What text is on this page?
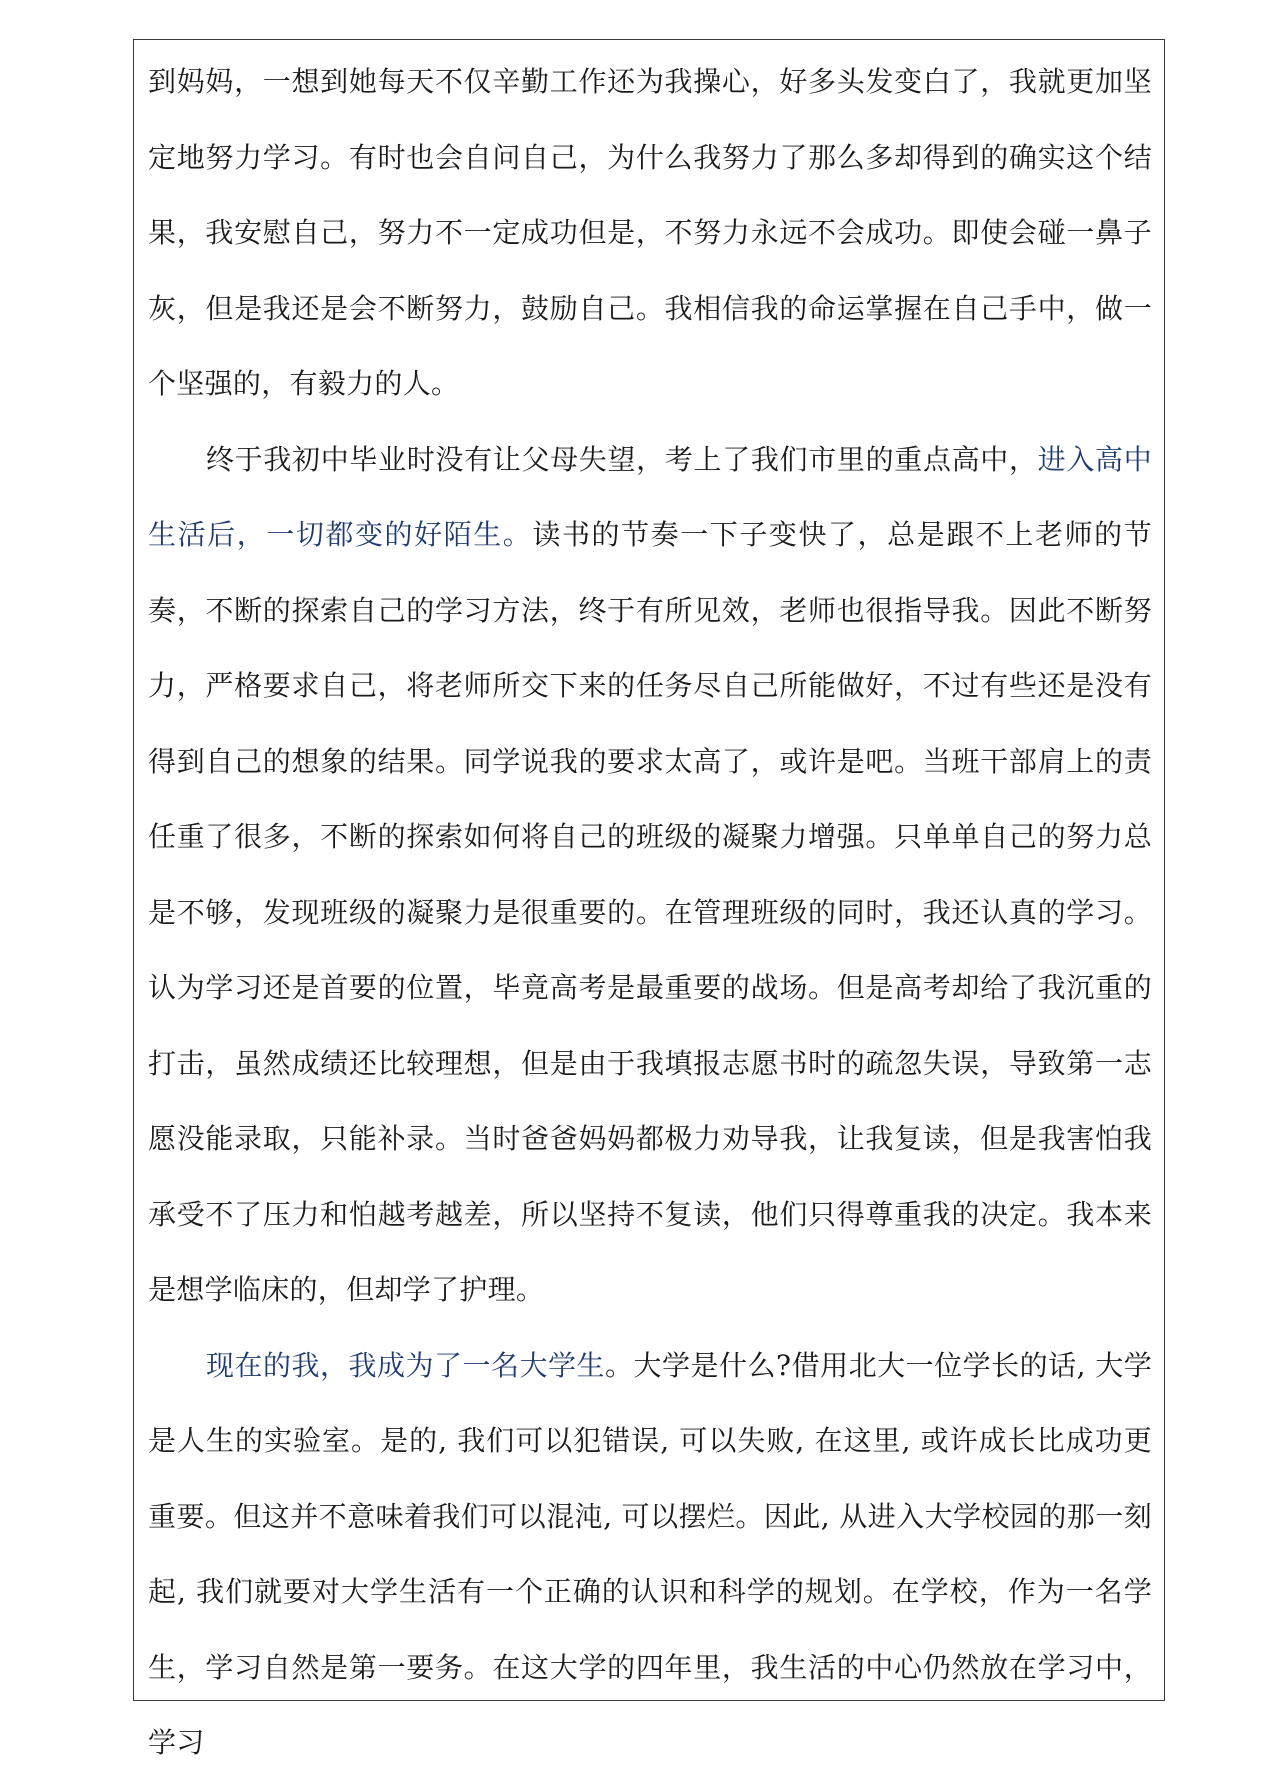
到妈妈，一想到她每天不仅辛勤工作还为我操心，好多头发变白了，我就更加坚定地努力学习。有时也会自问自己，为什么我努力了那么多却得到的确实这个结果，我安慰自己，努力不一定成功但是，不努力永远不会成功。即使会碰一鼻子灰，但是我还是会不断努力，鼓励自己。我相信我的命运掌握在自己手中，做一个坚强的，有毅力的人。

终于我初中毕业时没有让父母失望，考上了我们市里的重点高中，进入高中生活后，一切都变的好陌生。读书的节奏一下子变快了，总是跟不上老师的节奏，不断的探索自己的学习方法，终于有所见效，老师也很指导我。因此不断努力，严格要求自己，将老师所交下来的任务尽自己所能做好，不过有些还是没有得到自己的想象的结果。同学说我的要求太高了，或许是吧。当班干部肩上的责任重了很多，不断的探索如何将自己的班级的凝聚力增强。只单单自己的努力总是不够，发现班级的凝聚力是很重要的。在管理班级的同时，我还认真的学习。认为学习还是首要的位置，毕竟高考是最重要的战场。但是高考却给了我沉重的打击，虽然成绩还比较理想，但是由于我填报志愿书时的疏忽失误，导致第一志愿没能录取，只能补录。当时爸爸妈妈都极力劝导我，让我复读，但是我害怕我承受不了压力和怕越考越差，所以坚持不复读，他们只得尊重我的决定。我本来是想学临床的，但却学了护理。

现在的我，我成为了一名大学生。大学是什么?借用北大一位学长的话, 大学是人生的实验室。是的, 我们可以犯错误, 可以失败, 在这里, 或许成长比成功更重要。但这并不意味着我们可以混沌, 可以摆烂。因此, 从进入大学校园的那一刻起, 我们就要对大学生活有一个正确的认识和科学的规划。在学校，作为一名学生，学习自然是第一要务。在这大学的四年里，我生活的中心仍然放在学习中，学习
